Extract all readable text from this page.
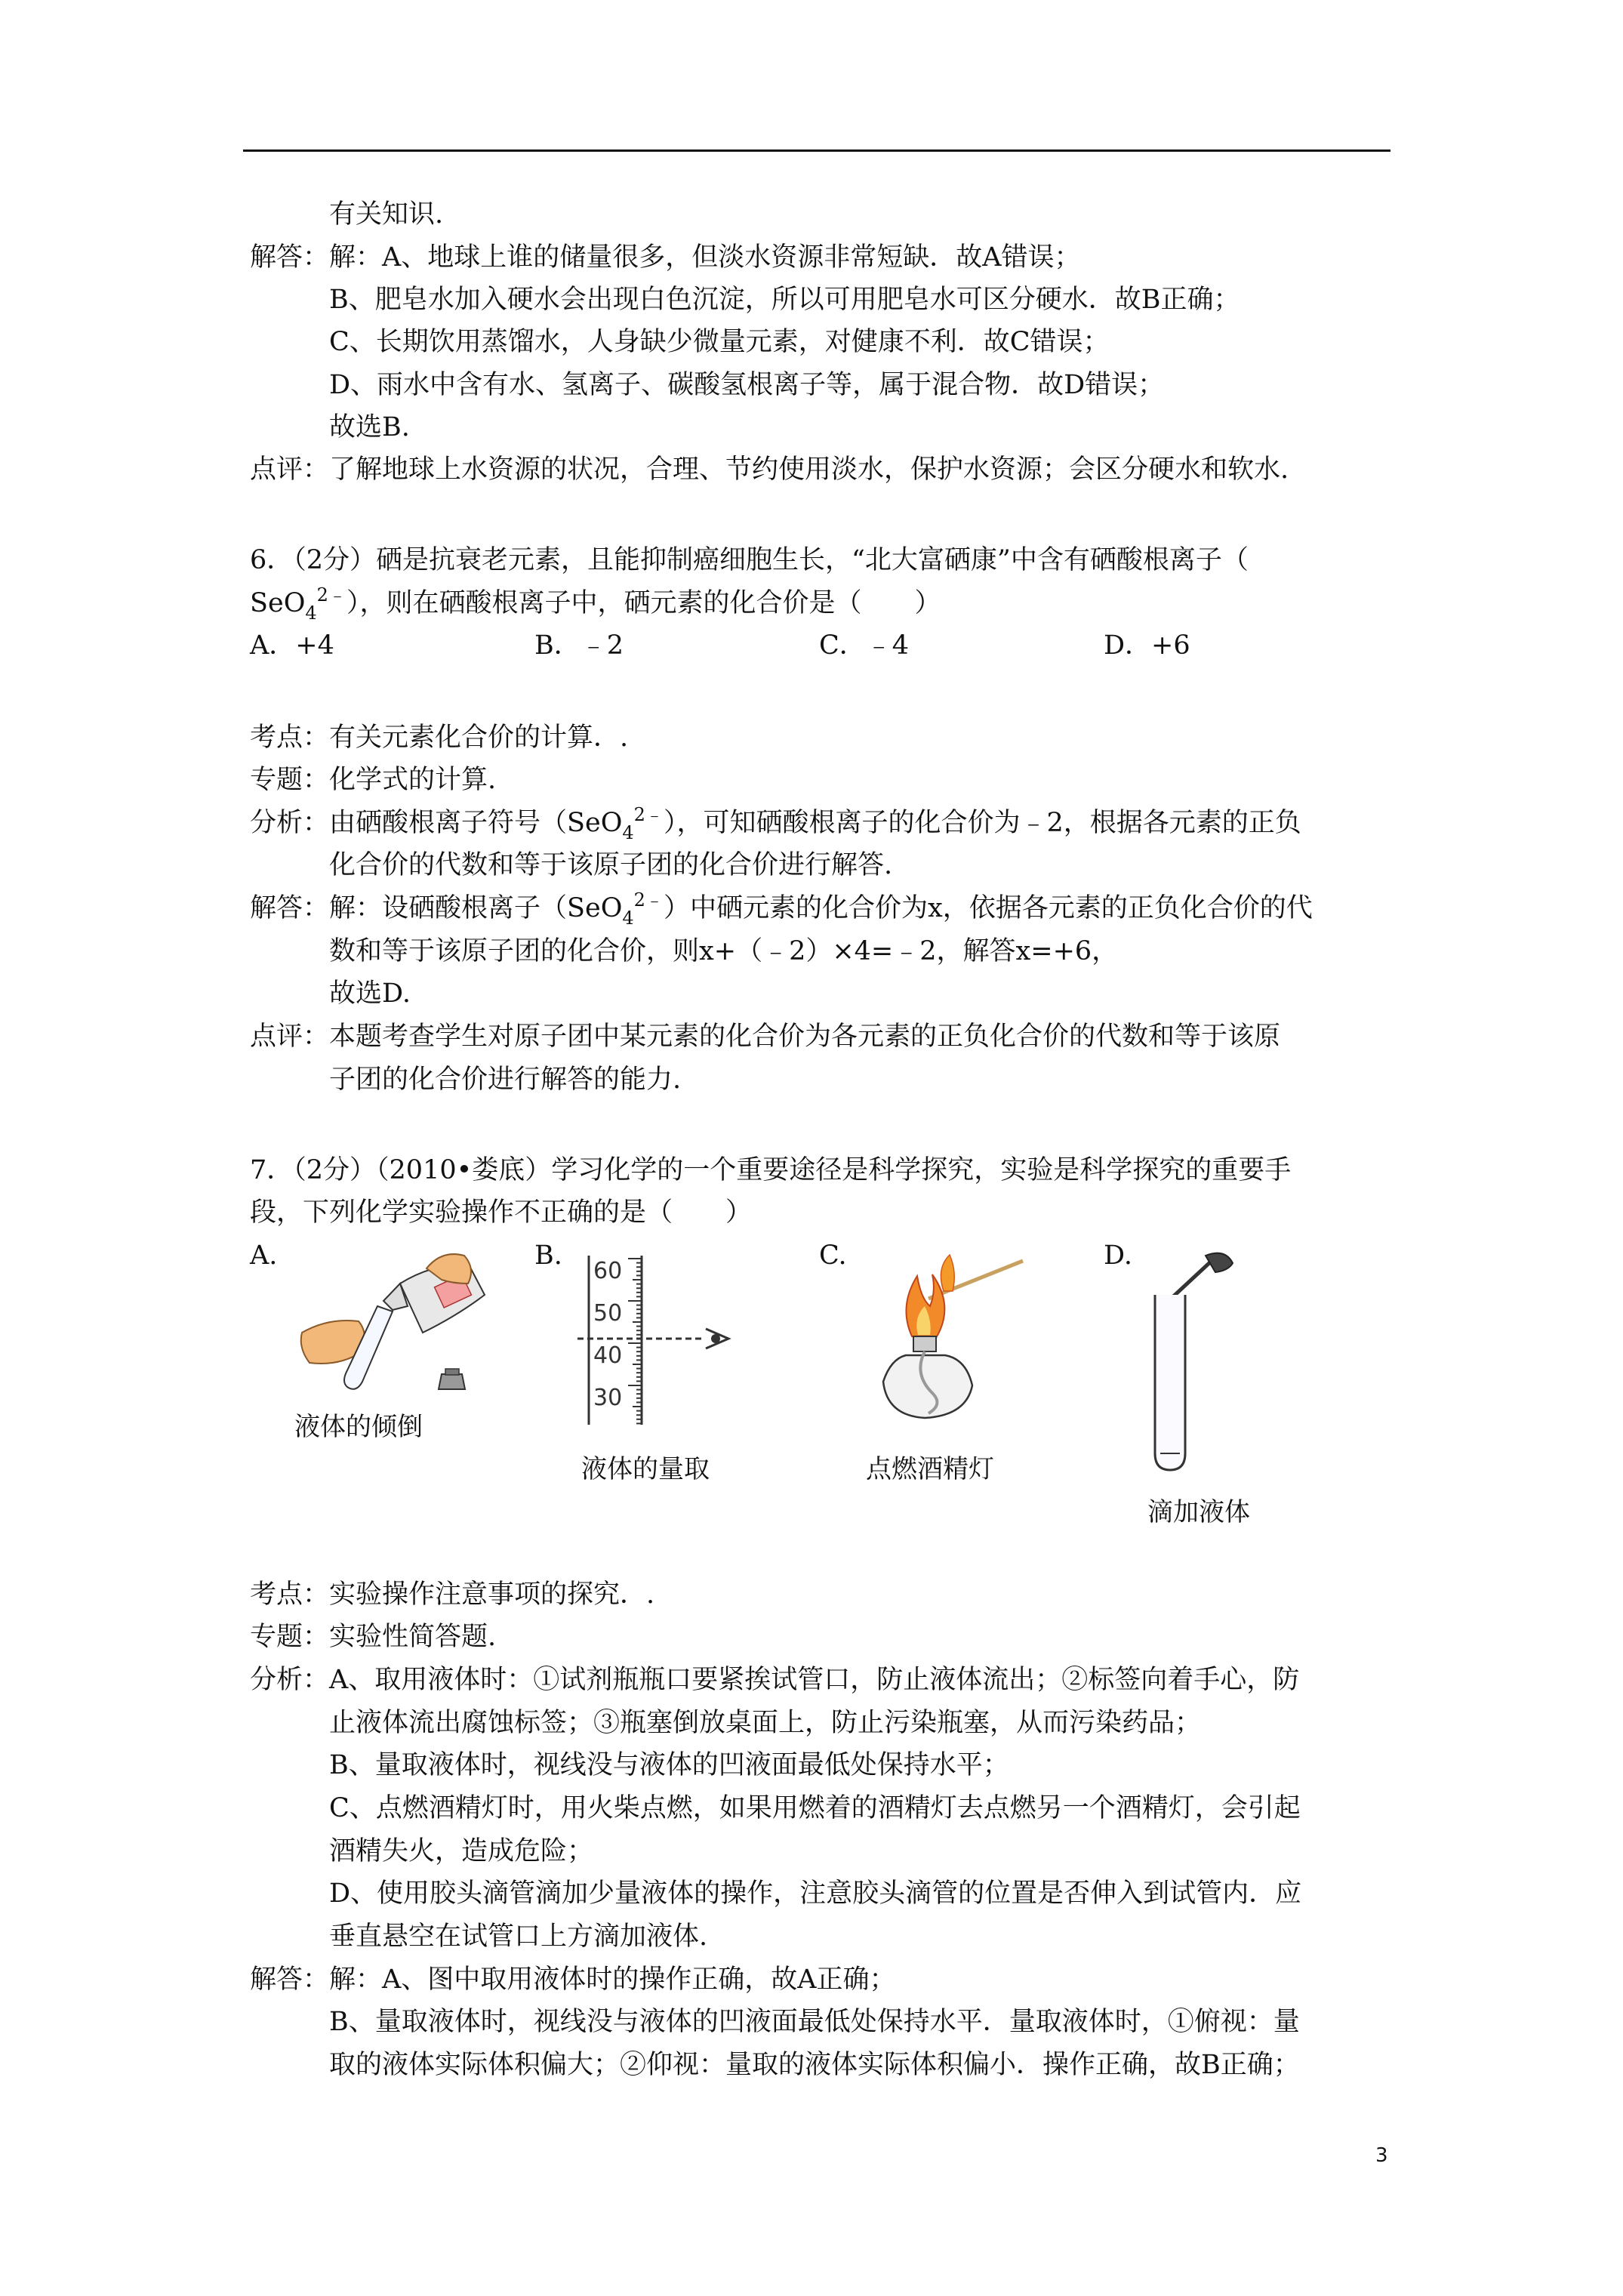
有关知识.
解答：解：A、地球上谁的储量很多，但淡水资源非常短缺．故A错误；
B、肥皂水加入硬水会出现白色沉淀，所以可用肥皂水可区分硬水．故B正确；
C、长期饮用蒸馏水，人身缺少微量元素，对健康不利．故C错误；
D、雨水中含有水、氢离子、碳酸氢根离子等，属于混合物．故D错误；
故选B.
点评：了解地球上水资源的状况，合理、节约使用淡水，保护水资源；会区分硬水和软水.
6．（2分）硒是抗衰老元素，且能抑制癌细胞生长，“北大富硒康”中含有硒酸根离子（
SeO$_4^{2﹣}$），则在硒酸根离子中，硒元素的化合价是（　　）
A．+4	B．﹣2	C．﹣4	D．+6
考点：有关元素化合价的计算．.
专题：化学式的计算.
分析：由硒酸根离子符号（SeO$_4^{2﹣}$），可知硒酸根离子的化合价为﹣2，根据各元素的正负
化合价的代数和等于该原子团的化合价进行解答.
解答：解：设硒酸根离子（SeO$_4^{2﹣}$）中硒元素的化合价为x，依据各元素的正负化合价的代
数和等于该原子团的化合价，则x+（﹣2）×4=﹣2，解答x=+6，
故选D.
点评：本题考查学生对原子团中某元素的化合价为各元素的正负化合价的代数和等于该原
子团的化合价进行解答的能力.
7．（2分）（2010•娄底）学习化学的一个重要途径是科学探究，实验是科学探究的重要手
段，下列化学实验操作不正确的是（　　）
A.	B.	C.	D.
液体的倾倒
60
50
40
30
液体的量取	点燃酒精灯
滴加液体
考点：实验操作注意事项的探究．.
专题：实验性简答题.
分析：A、取用液体时：①试剂瓶瓶口要紧挨试管口，防止液体流出；②标签向着手心，防
止液体流出腐蚀标签；③瓶塞倒放桌面上，防止污染瓶塞，从而污染药品；
B、量取液体时，视线没与液体的凹液面最低处保持水平；
C、点燃酒精灯时，用火柴点燃，如果用燃着的酒精灯去点燃另一个酒精灯，会引起
酒精失火，造成危险；
D、使用胶头滴管滴加少量液体的操作，注意胶头滴管的位置是否伸入到试管内．应
垂直悬空在试管口上方滴加液体.
解答：解：A、图中取用液体时的操作正确，故A正确；
B、量取液体时，视线没与液体的凹液面最低处保持水平．量取液体时，①俯视：量
取的液体实际体积偏大；②仰视：量取的液体实际体积偏小．操作正确，故B正确；
3
